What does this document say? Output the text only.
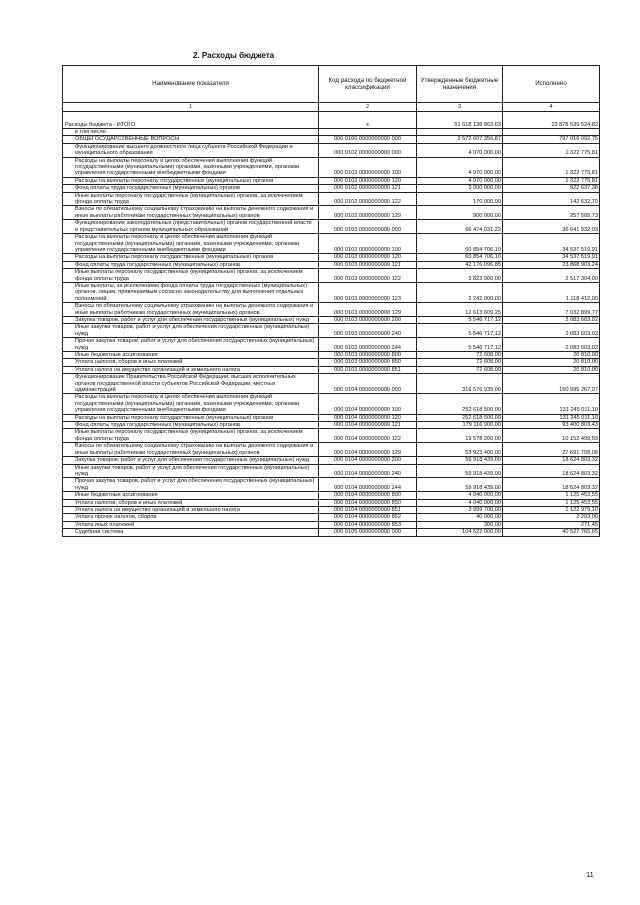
2. Расходы бюджета
Наименование показателя	Код расхода по бюджетной классификации	Утвержденные бюджетные назначения	Исполнено
1	2	3	4
Расходы бюджета - ИТОГО	х	51 618 138 863,63	23 878 539 524,82
в том числе:			
ОБЩЕГОСУДАРСТВЕННЫЕ ВОПРОСЫ	000 0100 0000000000 000	2 572 607 356,87	797 016 092,75
Функционирование высшего должностного лица субъекта Российской Федерации и муниципального образования	000 0102 0000000000 000	4 070 000,00	1 322 775,81
Расходы на выплаты персоналу в целях обеспечения выполнения функций государственными (муниципальными) органами, казенными учреждениями, органами управления государственными внебюджетными фондами	000 0102 0000000000 100	4 070 000,00	1 322 775,81
Расходы на выплаты персоналу государственных (муниципальных) органов	000 0102 0000000000 120	4 070 000,00	1 322 775,81
Фонд оплаты труда государственных (муниципальных) органов	000 0102 0000000000 121	3 000 000,00	922 637,38
Иные выплаты персоналу государственных (муниципальных) органов, за исключением фонда оплаты труда	000 0102 0000000000 122	170 000,00	142 632,70
Взносы по обязательному социальному страхованию на выплаты денежного содержания и иные выплаты работникам государственных (муниципальных) органов	000 0102 0000000000 129	900 000,00	257 505,73
Функционирование законодательных (представительных) органов государственной власти и представительных органов муниципальных образований	000 0103 0000000000 000	66 474 031,22	36 641 932,93
Расходы на выплаты персоналу в целях обеспечения выполнения функций государственными (муниципальными) органами, казенными учреждениями, органами управления государственными внебюджетными фондами	000 0103 0000000000 100	60 854 706,10	34 537 519,91
Расходы на выплаты персоналу государственных (муниципальных) органов	000 0103 0000000000 120	60 854 706,10	34 537 519,91
Фонд оплаты труда государственных (муниципальных) органов	000 0103 0000000000 121	42 176 096,85	23 868 903,24
Иные выплаты персоналу государственных (муниципальных) органов, за исключением фонда оплаты труда	000 0103 0000000000 122	3 823 000,00	2 517 304,00
Иные выплаты, за исключением фонда оплаты труда государственных (муниципальных) органов, лицам, привлекаемым согласно законодательству для выполнения отдельных полномочий	000 0103 0000000000 123	2 242 000,00	1 118 412,00
Взносы по обязательному социальному страхованию на выплаты денежного содержания и иные выплаты работникам государственных (муниципальных) органов	000 0103 0000000000 129	12 613 609,25	7 032 899,77
Закупка товаров, работ и услуг для обеспечения государственных (муниципальных) нужд	000 0103 0000000000 200	5 546 717,12	2 083 603,02
Иные закупки товаров, работ и услуг для обеспечения государственных (муниципальных) нужд	000 0103 0000000000 240	5 546 717,12	2 083 603,02
Прочая закупка товаров, работ и услуг для обеспечения государственных (муниципальных) нужд	000 0103 0000000000 244	5 546 717,12	2 083 603,02
Иные бюджетные ассигнования	000 0103 0000000000 800	72 608,00	20 810,00
Уплата налогов, сборов и иных платежей	000 0103 0000000000 850	72 608,00	20 810,00
Уплата налога на имущество организаций и земельного налога	000 0103 0000000000 851	72 608,00	20 810,00
Функционирование Правительства Российской Федерации, высших исполнительных органов государственной власти субъектов Российской Федерации, местных администраций	000 0104 0000000000 000	316 576 939,00	150 995 267,97
Расходы на выплаты персоналу в целях обеспечения выполнения функций государственными (муниципальными) органами, казенными учреждениями, органами управления государственными внебюджетными фондами	000 0104 0000000000 100	252 618 500,00	131 245 011,10
Расходы на выплаты персоналу государственных (муниципальных) органов	000 0104 0000000000 120	252 618 500,00	131 245 011,10
Фонд оплаты труда государственных (муниципальных) органов	000 0104 0000000000 121	179 116 900,00	93 400 803,43
Иные выплаты персоналу государственных (муниципальных) органов, за исключением фонда оплаты труда	000 0104 0000000000 122	19 578 200,00	10 152 499,59
Взносы по обязательному социальному страхованию на выплаты денежного содержания и иные выплаты работникам государственных (муниципальных) органов	000 0104 0000000000 129	53 923 400,00	27 691 708,08
Закупка товаров, работ и услуг для обеспечения государственных (муниципальных) нужд	000 0104 0000000000 200	59 918 439,00	18 624 803,32
Иные закупки товаров, работ и услуг для обеспечения государственных (муниципальных) нужд	000 0104 0000000000 240	59 918 439,00	18 624 803,32
Прочая закупка товаров, работ и услуг для обеспечения государственных (муниципальных) нужд	000 0104 0000000000 244	59 918 439,00	18 624 803,32
Иные бюджетные ассигнования	000 0104 0000000000 800	4 040 000,00	1 125 453,55
Уплата налогов, сборов и иных платежей	000 0104 0000000000 850	4 040 000,00	1 125 453,55
Уплата налога на имущество организаций и земельного налога	000 0104 0000000000 851	3 999 700,00	1 122 979,10
Уплата прочих налогов, сборов	000 0104 0000000000 852	40 000,00	2 203,00
Уплата иных платежей	000 0104 0000000000 853	300,00	271,45
Судебная система	000 0105 0000000000 000	104 522 000,00	40 527 765,65
11
